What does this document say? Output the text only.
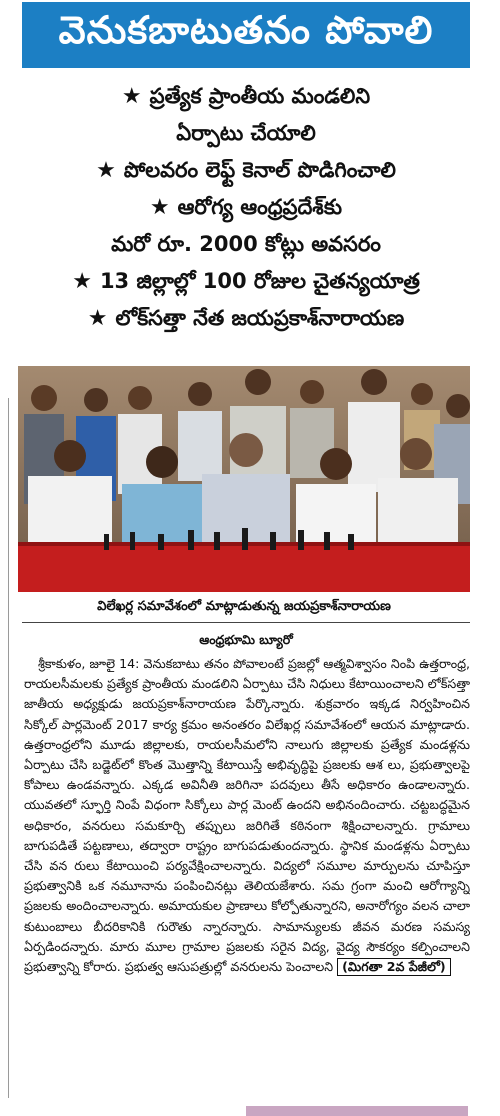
వెనుకబాటుతనం పోవాలి
★ ప్రత్యేక ప్రాంతీయ మండలిని
ఏర్పాటు చేయాలి
★ పోలవరం లెఫ్ట్ కెనాల్ పొడిగించాలి
★ ఆరోగ్య ఆంధ్రప్రదేశ్‌కు
మరో రూ. 2000 కోట్లు అవసరం
★ 13 జిల్లాల్లో 100 రోజుల చైతన్యయాత్ర
★ లోక్‌సత్తా నేత జయప్రకాశ్‌నారాయణ
విలేఖర్ల సమావేశంలో మాట్లాడుతున్న జయప్రకాశ్‌నారాయణ
ఆంధ్రభూమి బ్యూరో
శ్రీకాకుళం, జూలై 14: వెనుకబాటు తనం పోవాలంటే ప్రజల్లో ఆత్మవిశ్వాసం నింపి ఉత్తరాంధ్ర, రాయలసీమలకు ప్రత్యేక ప్రాంతీయ మండలిని ఏర్పాటు చేసి నిధులు కేటాయించాలని లోక్‌సత్తా జాతీయ అధ్యక్షుడు జయప్రకాశ్‌నారాయణ పేర్కొన్నారు. శుక్రవారం ఇక్కడ నిర్వహించిన సిక్కోల్ పార్లమెంట్ 2017 కార్య క్రమం అనంతరం విలేఖర్ల సమావేశంలో ఆయన మాట్లాడారు. ఉత్తరాంధ్రలోని మూడు జిల్లాలకు, రాయలసీమలోని నాలుగు జిల్లాలకు ప్రత్యేక మండళ్లను ఏర్పాటు చేసి బడ్జెట్‌లో కొంత మొత్తాన్ని కేటాయిస్తే అభివృద్ధిపై ప్రజలకు ఆశ లు, ప్రభుత్వాలపై కోపాలు ఉండవన్నారు. ఎక్కడ అవినీతి జరిగినా పదవులు తీసే అధికారం ఉండాలన్నారు. యువతలో స్ఫూర్తి నింపే విధంగా సిక్కోలు పార్ల మెంట్ ఉందని అభినందించారు. చట్టబద్ధమైన అధికారం, వనరులు సమకూర్చి తప్పులు జరిగితే కఠినంగా శిక్షించాలన్నారు. గ్రామాలు బాగుపడితే పట్టణాలు, తద్వారా రాష్ట్రం బాగుపడుతుందన్నారు. స్థానిక మండళ్లను ఏర్పాటు చేసి వన రులు కేటాయించి పర్యవేక్షించాలన్నారు. విద్యలో సమూల మార్పులను చూపిస్తూ ప్రభుత్వానికి ఒక నమూనాను పంపించినట్లు తెలియజేశారు. సమ గ్రంగా మంచి ఆరోగ్యాన్ని ప్రజలకు అందించాలన్నారు. అమాయకుల ప్రాణాలు కోల్పోతున్నారని, అనారోగ్యం వలన చాలా కుటుంబాలు బీదరికానికి గురౌతు న్నారన్నారు. సామాన్యులకు జీవన మరణ సమస్య ఏర్పడిందన్నారు. మారు మూల గ్రామాల ప్రజలకు సరైన విద్య, వైద్య సౌకర్యం కల్పించాలని ప్రభుత్వాన్ని కోరారు. ప్రభుత్వ ఆసుపత్రుల్లో వనరులను పెంచాలని (మిగతా 2వ పేజీలో)
